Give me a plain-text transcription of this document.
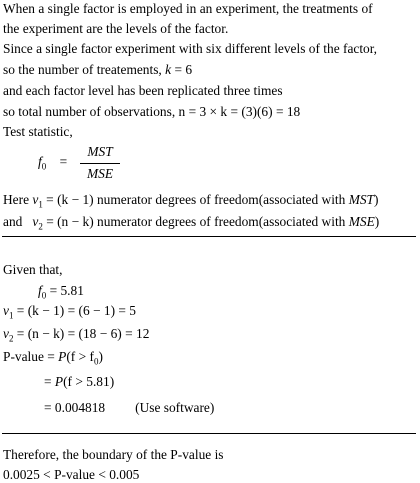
When a single factor is employed in an experiment, the treatments of
the experiment are the levels of the factor.
Since a single factor experiment with six different levels of the factor,
so the number of treatements, k = 6
and each factor level has been replicated three times
so total number of observations, n = 3 × k = (3)(6) = 18
Test statistic,
$f_0$ =
MST
MSE
Here $v_1 = (k - 1)$ numerator degrees of freedom(associated with MST)
and   $v_2 = (n - k)$ numerator degrees of freedom(associated with MSE)
Given that,
$f_0 = 5.81$
$v_1 = (k - 1) = (6 - 1) = 5$
$v_2 = (n - k) = (18 - 6) = 12$
P-value = $P(f > f_0)$
= P(f > 5.81)
= 0.004818 (Use software)
Therefore, the boundary of the P-value is
0.0025 < P-value < 0.005
